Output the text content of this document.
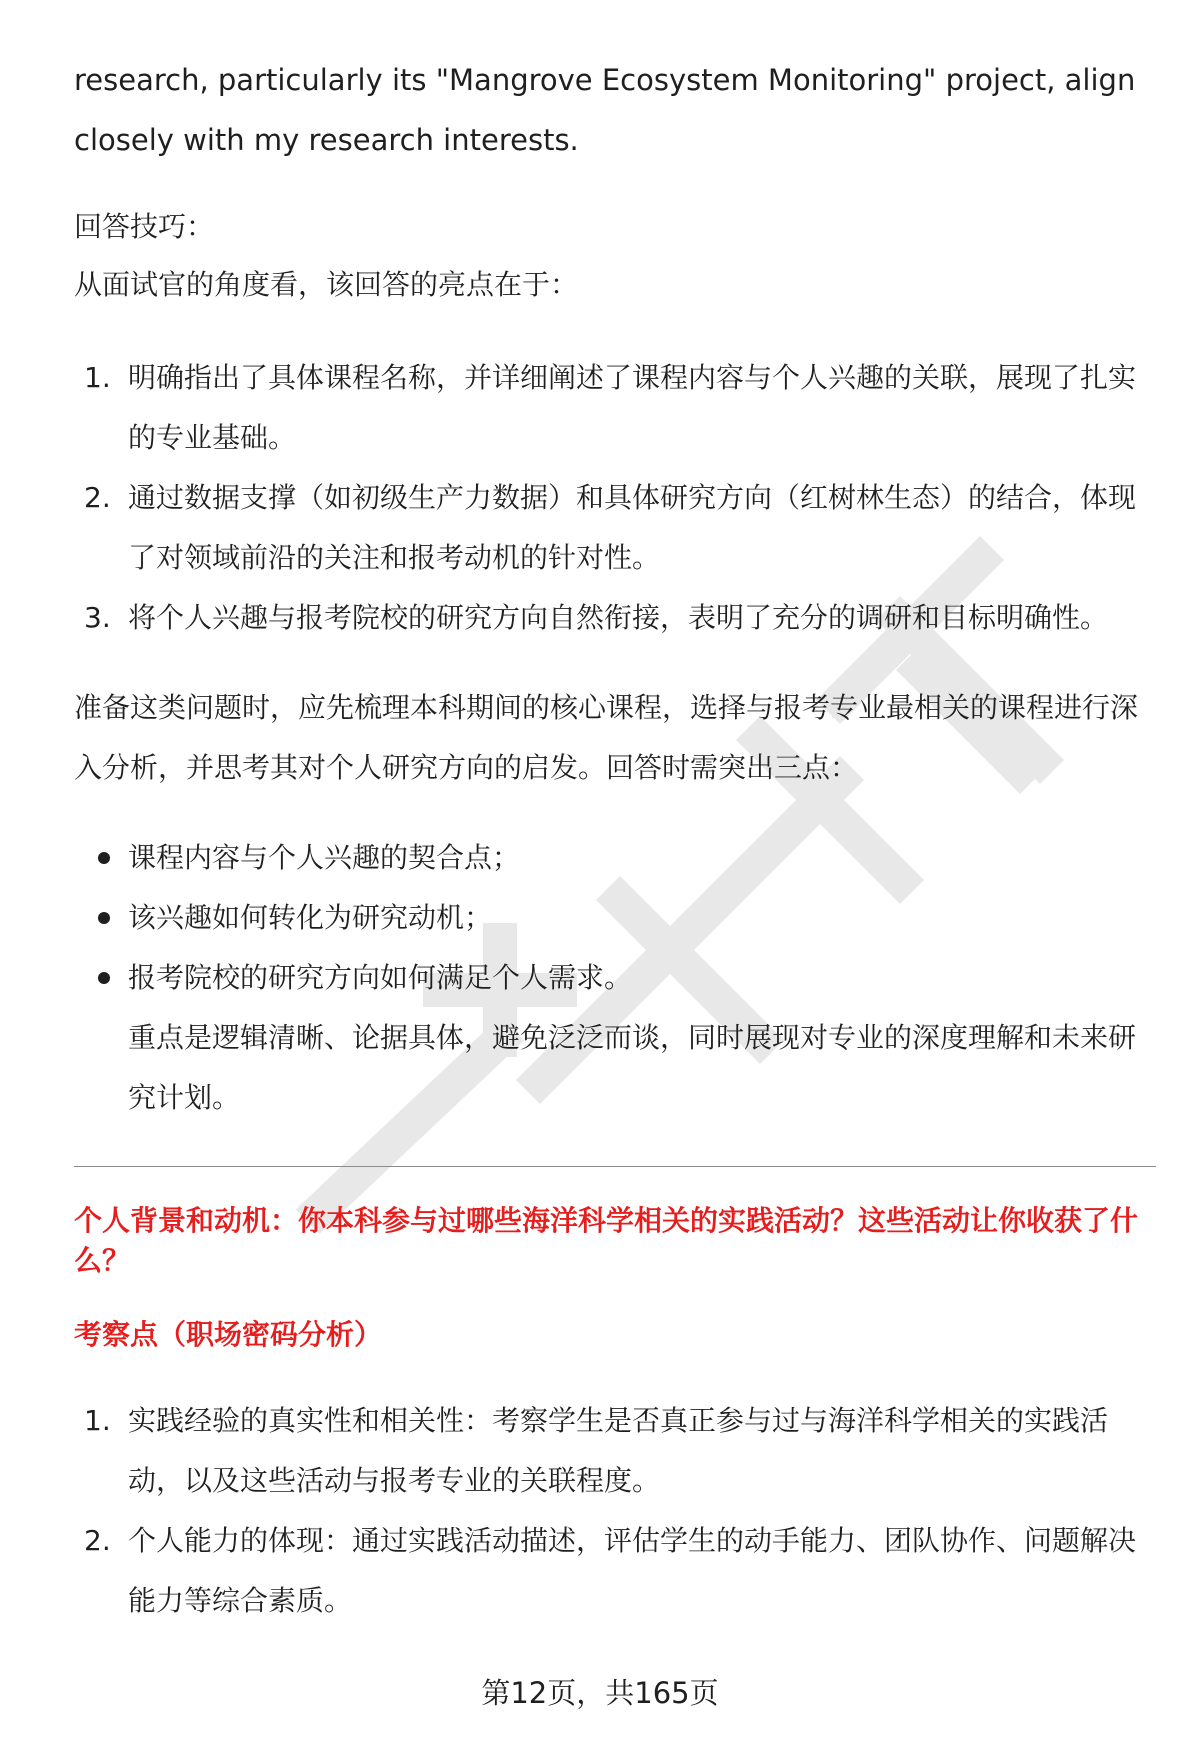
research, particularly its "Mangrove Ecosystem Monitoring" project, align closely with my research interests.

回答技巧：

从面试官的角度看，该回答的亮点在于：

1. 明确指出了具体课程名称，并详细阐述了课程内容与个人兴趣的关联，展现了扎实的专业基础。
2. 通过数据支撑（如初级生产力数据）和具体研究方向（红树林生态）的结合，体现了对领域前沿的关注和报考动机的针对性。
3. 将个人兴趣与报考院校的研究方向自然衔接，表明了充分的调研和目标明确性。

准备这类问题时，应先梳理本科期间的核心课程，选择与报考专业最相关的课程进行深入分析，并思考其对个人研究方向的启发。回答时需突出三点：

课程内容与个人兴趣的契合点；
该兴趣如何转化为研究动机；
报考院校的研究方向如何满足个人需求。

重点是逻辑清晰、论据具体，避免泛泛而谈，同时展现对专业的深度理解和未来研究计划。

个人背景和动机：你本科参与过哪些海洋科学相关的实践活动？这些活动让你收获了什么？

考察点（职场密码分析）

1. 实践经验的真实性和相关性：考察学生是否真正参与过与海洋科学相关的实践活动，以及这些活动与报考专业的关联程度。
2. 个人能力的体现：通过实践活动描述，评估学生的动手能力、团队协作、问题解决能力等综合素质。
第12页，共165页
